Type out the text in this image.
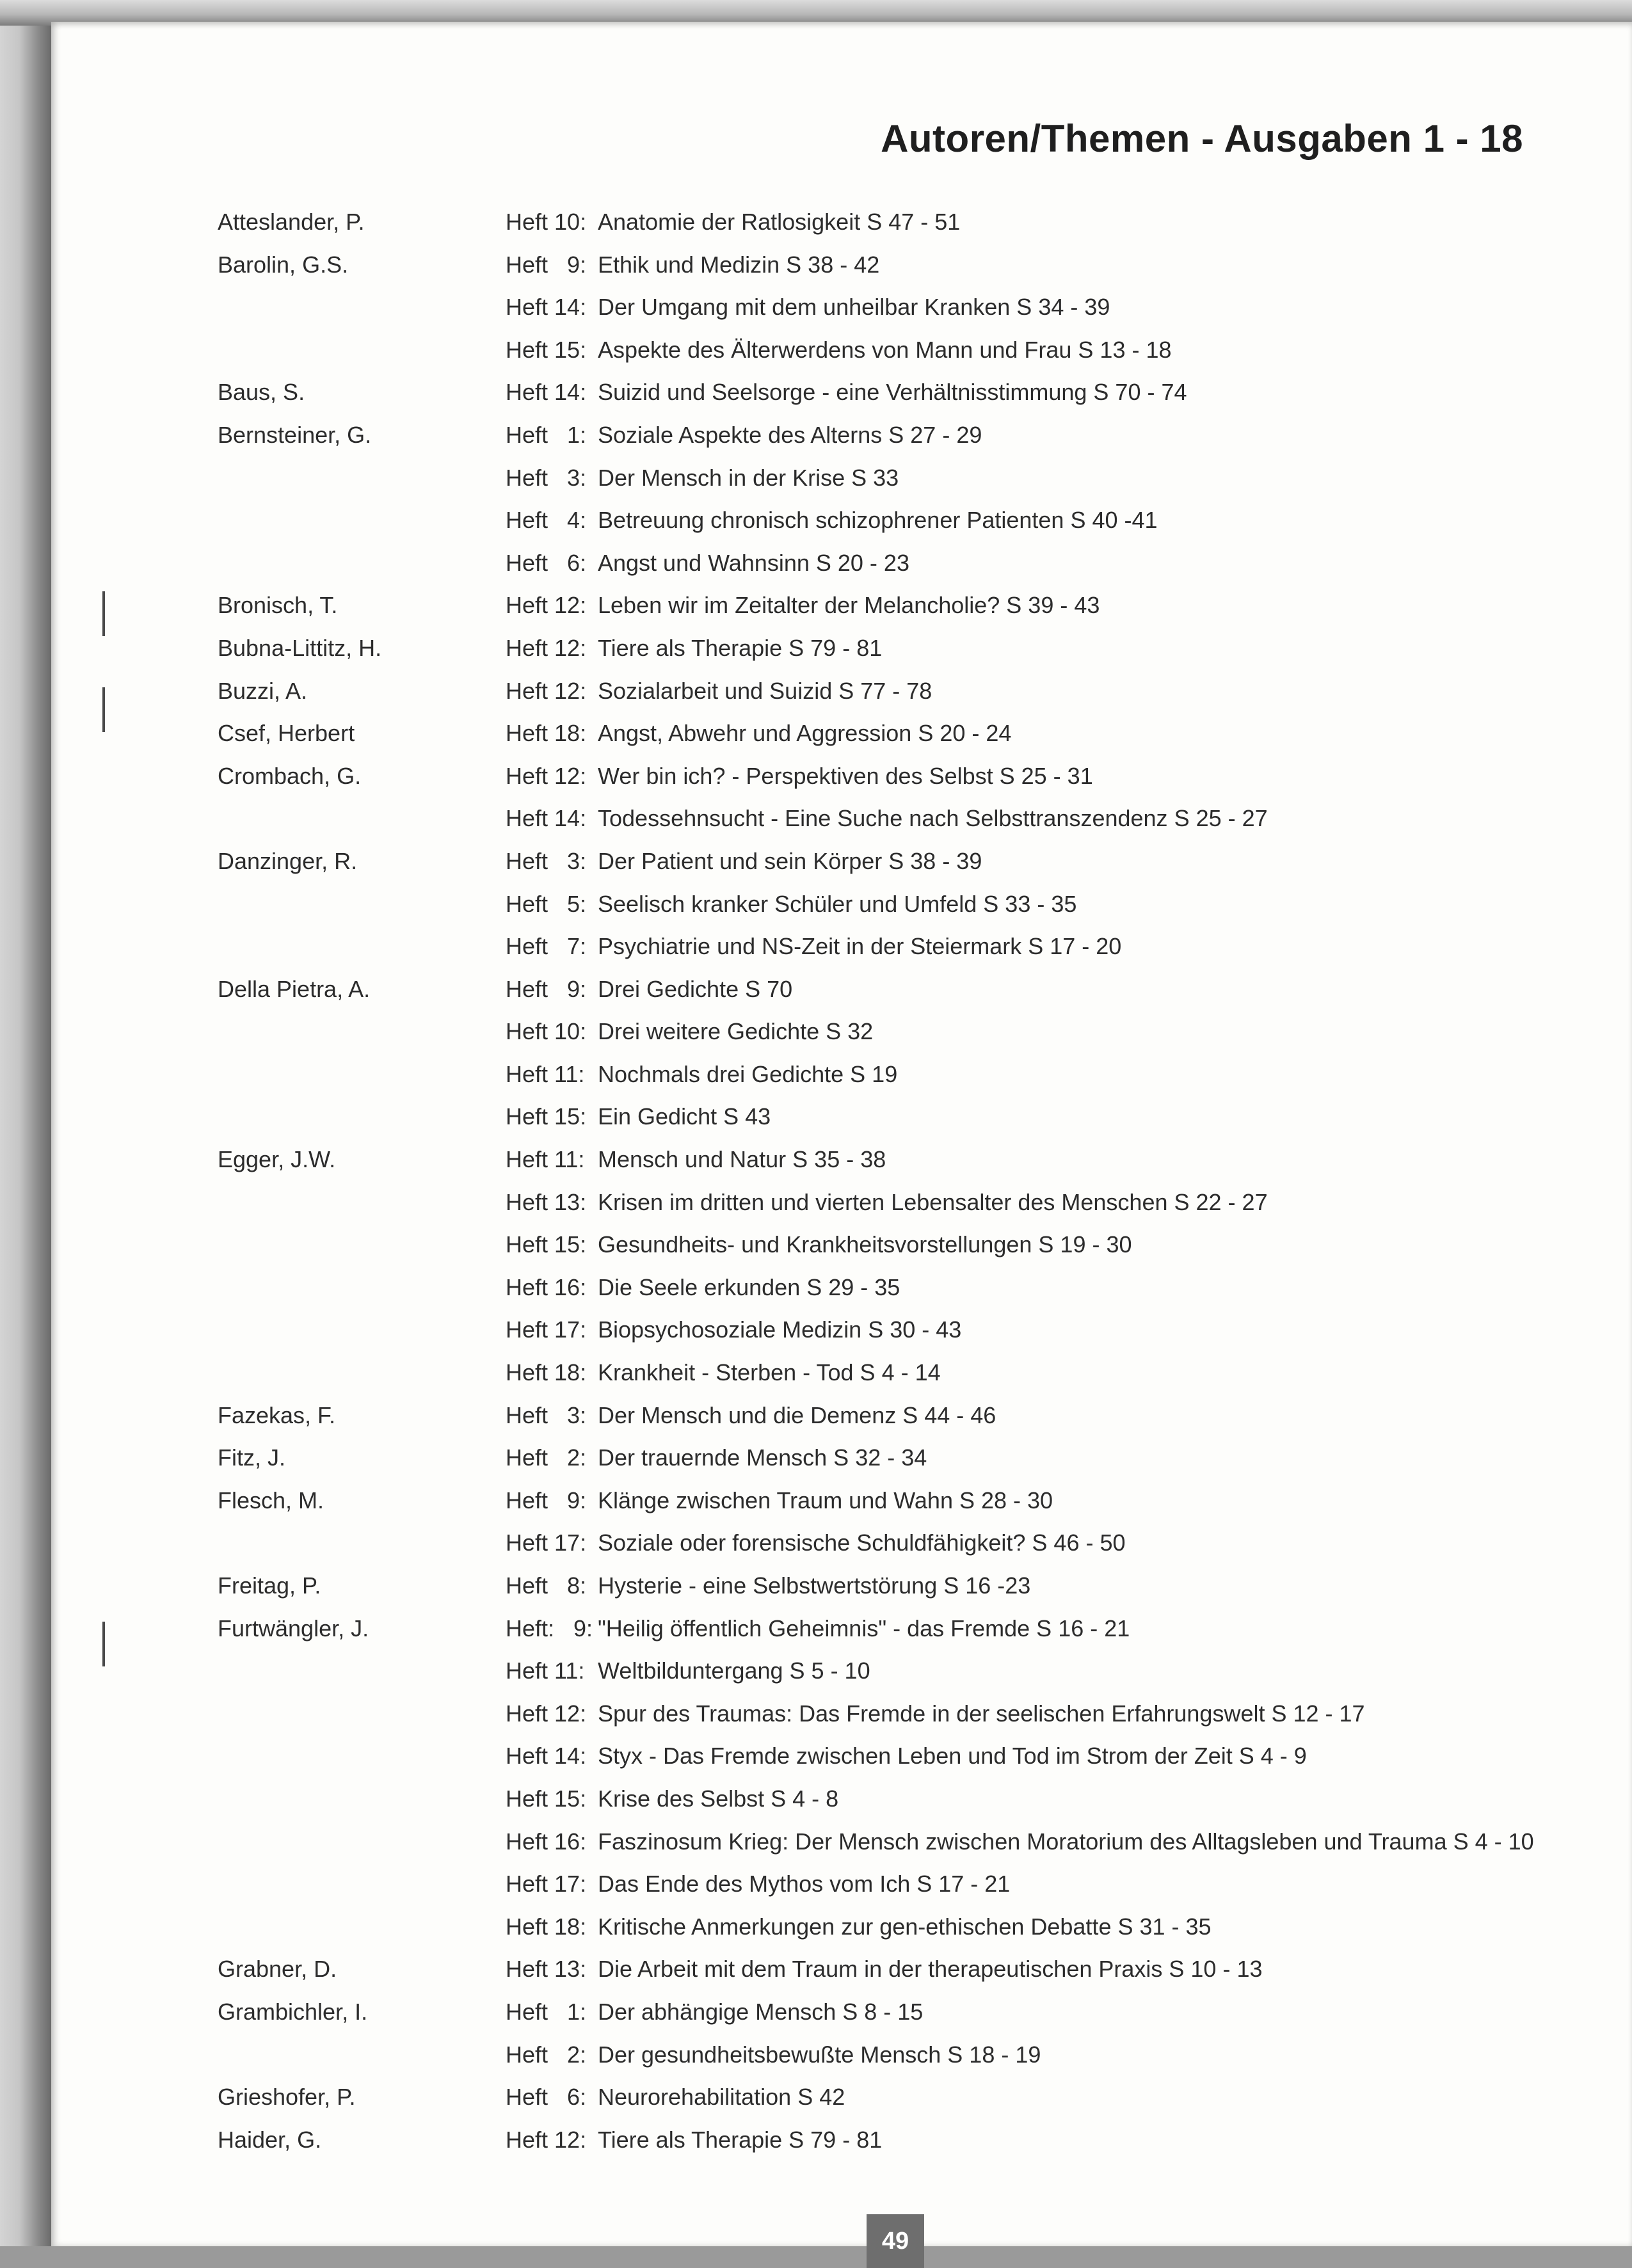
Autoren/Themen - Ausgaben 1 - 18
Atteslander, P.	Heft 10: Anatomie der Ratlosigkeit S 47 - 51
Barolin, G.S.	Heft   9: Ethik und Medizin S 38 - 42
Heft 14: Der Umgang mit dem unheilbar Kranken S 34 - 39
Heft 15: Aspekte des Älterwerdens von Mann und Frau S 13 - 18
Baus, S.	Heft 14: Suizid und Seelsorge - eine Verhältnisstimmung S 70 - 74
Bernsteiner, G.	Heft   1: Soziale Aspekte des Alterns S 27 - 29
Heft   3: Der Mensch in der Krise S 33
Heft   4: Betreuung chronisch schizophrener Patienten S 40 -41
Heft   6: Angst und Wahnsinn S 20 - 23
Bronisch, T.	Heft 12: Leben wir im Zeitalter der Melancholie? S 39 - 43
Bubna-Littitz, H.	Heft 12: Tiere als Therapie S 79 - 81
Buzzi, A.	Heft 12: Sozialarbeit und Suizid S 77 - 78
Csef, Herbert	Heft 18: Angst, Abwehr und Aggression S 20 - 24
Crombach, G.	Heft 12: Wer bin ich? - Perspektiven des Selbst S 25 - 31
Heft 14: Todessehnsucht - Eine Suche nach Selbsttranszendenz S 25 - 27
Danzinger, R.	Heft   3: Der Patient und sein Körper S 38 - 39
Heft   5: Seelisch kranker Schüler und Umfeld S 33 - 35
Heft   7: Psychiatrie und NS-Zeit in der Steiermark S 17 - 20
Della Pietra, A.	Heft   9: Drei Gedichte S 70
Heft 10: Drei weitere Gedichte S 32
Heft 11: Nochmals drei Gedichte S 19
Heft 15: Ein Gedicht S 43
Egger, J.W.	Heft 11: Mensch und Natur S 35 - 38
Heft 13: Krisen im dritten und vierten Lebensalter des Menschen S 22 - 27
Heft 15: Gesundheits- und Krankheitsvorstellungen S 19 - 30
Heft 16: Die Seele erkunden S 29 - 35
Heft 17: Biopsychosoziale Medizin S 30 - 43
Heft 18: Krankheit - Sterben - Tod S 4 - 14
Fazekas, F.	Heft   3: Der Mensch und die Demenz S 44 - 46
Fitz, J.	Heft   2: Der trauernde Mensch S 32 - 34
Flesch, M.	Heft   9: Klänge zwischen Traum und Wahn S 28 - 30
Heft 17: Soziale oder forensische Schuldfähigkeit? S 46 - 50
Freitag, P.	Heft   8: Hysterie - eine Selbstwertstörung S 16 -23
Furtwängler, J.	Heft:   9: "Heilig öffentlich Geheimnis" - das Fremde S 16 - 21
Heft 11: Weltbilduntergang S 5 - 10
Heft 12: Spur des Traumas: Das Fremde in der seelischen Erfahrungswelt S 12 - 17
Heft 14: Styx - Das Fremde zwischen Leben und Tod im Strom der Zeit S 4 - 9
Heft 15: Krise des Selbst S 4 - 8
Heft 16: Faszinosum Krieg: Der Mensch zwischen Moratorium des Alltagsleben und Trauma S 4 - 10
Heft 17: Das Ende des Mythos vom Ich S 17 - 21
Heft 18: Kritische Anmerkungen zur gen-ethischen Debatte S 31 - 35
Grabner, D.	Heft 13: Die Arbeit mit dem Traum in der therapeutischen Praxis S 10 - 13
Grambichler, I.	Heft   1: Der abhängige Mensch S 8 - 15
Heft   2: Der gesundheitsbewußte Mensch S 18 - 19
Grieshofer, P.	Heft   6: Neurorehabilitation S 42
Haider, G.	Heft 12: Tiere als Therapie S 79 - 81
49
